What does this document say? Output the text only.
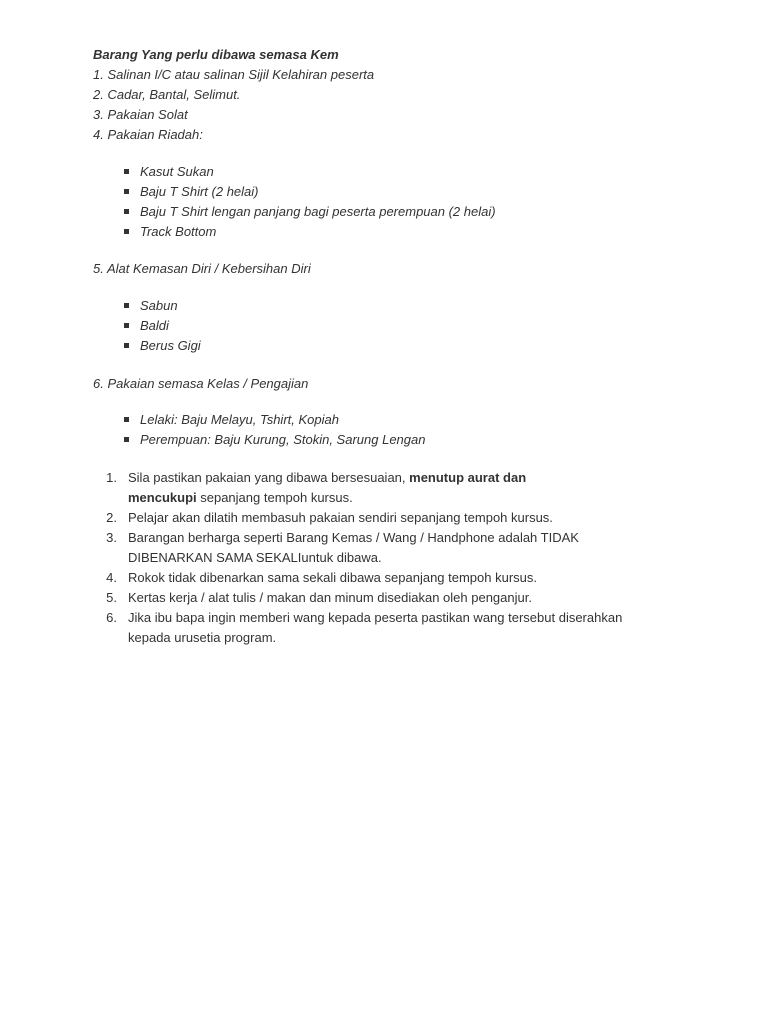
Barang Yang perlu dibawa semasa Kem
1. Salinan I/C atau salinan Sijil Kelahiran peserta
2. Cadar, Bantal, Selimut.
3. Pakaian Solat
4. Pakaian Riadah:
Kasut Sukan
Baju T Shirt (2 helai)
Baju T Shirt lengan panjang bagi peserta perempuan (2 helai)
Track Bottom
5. Alat Kemasan Diri / Kebersihan Diri
Sabun
Baldi
Berus Gigi
6. Pakaian semasa Kelas / Pengajian
Lelaki: Baju Melayu, Tshirt, Kopiah
Perempuan: Baju Kurung, Stokin, Sarung Lengan
1. Sila pastikan pakaian yang dibawa bersesuaian, menutup aurat dan
mencukupi sepanjang tempoh kursus.
2. Pelajar akan dilatih membasuh pakaian sendiri sepanjang tempoh kursus.
3. Barangan berharga seperti Barang Kemas / Wang / Handphone adalah TIDAK
DIBENARKAN SAMA SEKALIuntuk dibawa.
4. Rokok tidak dibenarkan sama sekali dibawa sepanjang tempoh kursus.
5. Kertas kerja / alat tulis / makan dan minum disediakan oleh penganjur.
6. Jika ibu bapa ingin memberi wang kepada peserta pastikan wang tersebut diserahkan
kepada urusetia program.
